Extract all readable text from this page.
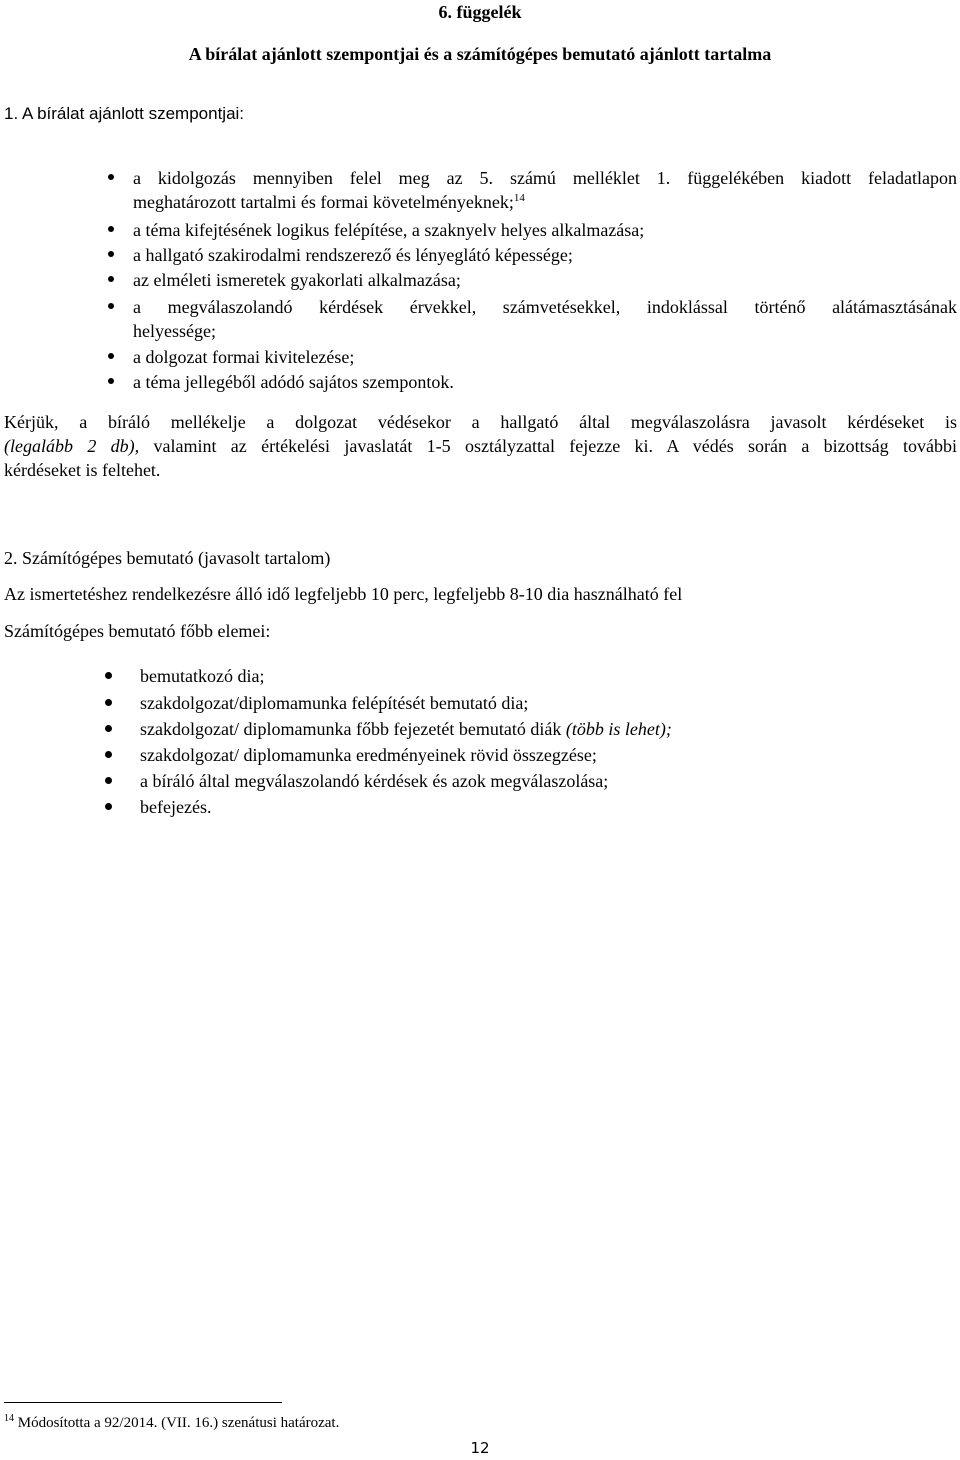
6. függelék
A bírálat ajánlott szempontjai és a számítógépes bemutató ajánlott tartalma
1. A bírálat ajánlott szempontjai:
a kidolgozás mennyiben felel meg az 5. számú melléklet 1. függelékében kiadott feladatlapon
meghatározott tartalmi és formai követelményeknek;$^{14}$
a téma kifejtésének logikus felépítése, a szaknyelv helyes alkalmazása;
a hallgató szakirodalmi rendszerező és lényeglátó képessége;
az elméleti ismeretek gyakorlati alkalmazása;
a megválaszolandó kérdések érvekkel, számvetésekkel, indoklással történő alátámasztásának
helyessége;
a dolgozat formai kivitelezése;
a téma jellegéből adódó sajátos szempontok.
Kérjük, a bíráló mellékelje a dolgozat védésekor a hallgató által megválaszolásra javasolt kérdéseket is
(legalább 2 db), valamint az értékelési javaslatát 1-5 osztályzattal fejezze ki. A védés során a bizottság további
kérdéseket is feltehet.
2. Számítógépes bemutató (javasolt tartalom)
Az ismertetéshez rendelkezésre álló idő legfeljebb 10 perc, legfeljebb 8-10 dia használható fel
Számítógépes bemutató főbb elemei:
bemutatkozó dia;
szakdolgozat/diplomamunka felépítését bemutató dia;
szakdolgozat/ diplomamunka főbb fejezetét bemutató diák (több is lehet);
szakdolgozat/ diplomamunka eredményeinek rövid összegzése;
a bíráló által megválaszolandó kérdések és azok megválaszolása;
befejezés.
$^{14}$ Módosította a 92/2014. (VII. 16.) szenátusi határozat.
12
